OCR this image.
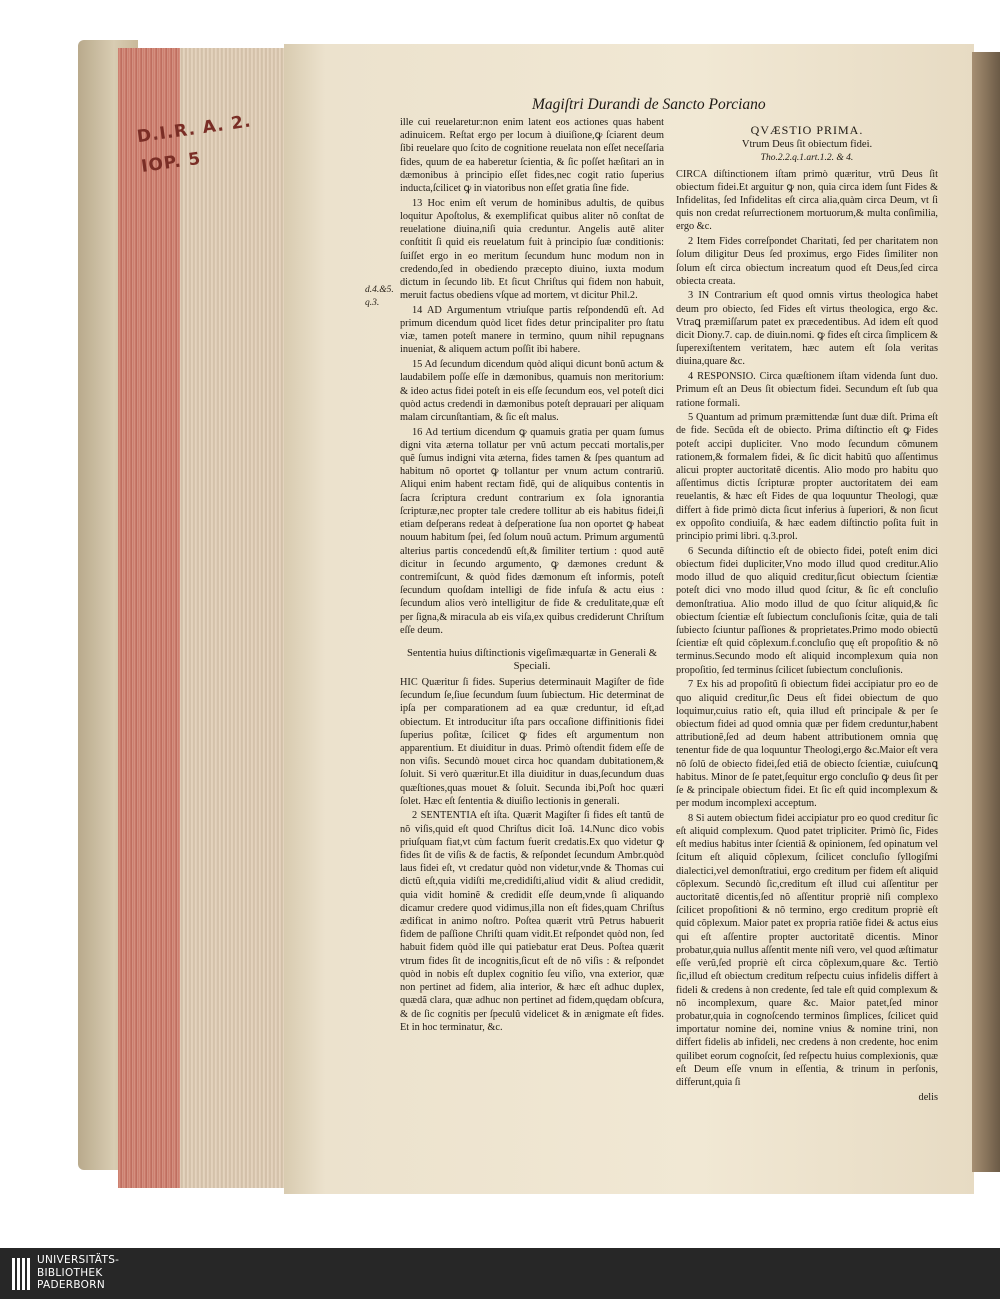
D.I.R. A. 2.
IOP. 5
Magiſtri Durandi de Sancto Porciano
d.4.&5. q.3.

ille cui reuelaretur:non enim latent eos actiones quas habent adinuicem. Reſtat ergo per locum à diuiſione,ꝙ ſciarent deum ſibi reuelare quo ſcito de cognitione reuelata non eſſet neceſſaria fides, quum de ea haberetur ſcientia, & ſic poſſet hæſitari an in dæmonibus à principio eſſet fides,nec cogit ratio ſuperius inducta,ſcilicet ꝙ in viatoribus non eſſet gratia ſine fide.

13 Hoc enim eſt verum de hominibus adultis, de quibus loquitur Apoſtolus, & exemplificat quibus aliter nõ conſtat de reuelatione diuina,niſi quia creduntur. Angelis autẽ aliter conſtitit ſi quid eis reuelatum fuit à principio ſuæ conditionis: ſuiſſet ergo in eo meritum ſecundum hunc modum non in credendo,ſed in obediendo præcepto diuino, iuxta modum dictum in ſecundo lib. Et ſicut Chriſtus qui fidem non habuit, meruit factus obediens vſque ad mortem, vt dicitur Phil.2.

14 AD Argumentum vtriuſque partis reſpondendũ eſt. Ad primum dicendum quòd licet fides detur principaliter pro ſtatu viæ, tamen poteſt manere in termino, quum nihil repugnans inueniat, & aliquem actum poſſit ibi habere.

15 Ad ſecundum dicendum quòd aliqui dicunt bonũ actum & laudabilem poſſe eſſe in dæmonibus, quamuis non meritorium: & ideo actus fidei poteſt in eis eſſe ſecundum eos, vel poteſt dici quòd actus credendi in dæmonibus poteſt deprauari per aliquam malam circunſtantiam, & ſic eſt malus.

16 Ad tertium dicendum ꝙ quamuis gratia per quam ſumus digni vita æterna tollatur per vnũ actum peccati mortalis,per quẽ ſumus indigni vita æterna, fides tamen & ſpes quantum ad habitum nõ oportet ꝙ tollantur per vnum actum contrariũ. Aliqui enim habent rectam fidẽ, qui de aliquibus contentis in ſacra ſcriptura credunt contrarium ex ſola ignorantia ſcripturæ,nec propter tale credere tollitur ab eis habitus fidei,ſi etiam deſperans redeat à deſperatione ſua non oportet ꝙ habeat nouum habitum ſpei, ſed ſolum nouũ actum. Primum argumentũ alterius partis concedendũ eſt,& ſimiliter tertium : quod autẽ dicitur in ſecundo argumento, ꝙ dæmones credunt & contremiſcunt, & quòd fides dæmonum eſt informis, poteſt ſecundum quoſdam intelligi de fide infuſa & actu eius : ſecundum alios verò intelligitur de fide & credulitate,quæ eſt per ſigna,& miracula ab eis viſa,ex quibus crediderunt Chriſtum eſſe deum.

Sententia huius diſtinctionis vigeſimæquartæ in Generali & Speciali.

HIC Quæritur ſi fides. Superius determinauit Magiſter de fide ſecundum ſe,ſiue ſecundum ſuum ſubiectum. Hic determinat de ipſa per comparationem ad ea quæ creduntur, id eſt,ad obiectum. Et introducitur iſta pars occaſione diffinitionis fidei ſuperius poſitæ, ſcilicet ꝙ fides eſt argumentum non apparentium. Et diuiditur in duas. Primò oſtendit fidem eſſe de non viſis. Secundò mouet circa hoc quandam dubitationem,& ſoluit. Si verò quæritur.Et illa diuiditur in duas,ſecundum duas quæſtiones,quas mouet & ſoluit. Secunda ibi,Poſt hoc quæri ſolet. Hæc eſt ſententia & diuiſio lectionis in generali.

2 SENTENTIA eſt iſta. Quærit Magiſter ſi fides eſt tantũ de nõ viſis,quid eſt quod Chriſtus dicit Ioã. 14.Nunc dico vobis priuſquam fiat,vt cùm factum fuerit credatis.Ex quo videtur ꝙ fides ſit de viſis & de factis, & reſpondet ſecundum Ambr.quòd laus fidei eſt, vt credatur quòd non videtur,vnde & Thomas cui dictũ eſt,quia vidiſti me,credidiſti,aliud vidit & aliud credidit, quia vidit hominẽ & credidit eſſe deum,vnde ſi aliquando dicamur credere quod vidimus,illa non eſt fides,quam Chriſtus ædificat in animo noſtro. Poſtea quærit vtrũ Petrus habuerit fidem de paſſione Chriſti quam vidit.Et reſpondet quòd non, ſed habuit fidem quòd ille qui patiebatur erat Deus. Poſtea quærit vtrum fides ſit de incognitis,ſicut eſt de nõ viſis : & reſpondet quòd in nobis eſt duplex cognitio ſeu viſio, vna exterior, quæ non pertinet ad fidem, alia interior, & hæc eſt adhuc duplex, quædã clara, quæ adhuc non pertinet ad fidem,quędam obſcura, & de ſic cognitis per ſpeculũ videlicet & in ænigmate eſt fides. Et in hoc terminatur, &c.

QVÆSTIO PRIMA.
Vtrum Deus ſit obiectum fidei.
Tho.2.2.q.1.art.1.2. & 4.

CIRCA diſtinctionem iſtam primò quæritur, vtrũ Deus ſit obiectum fidei.Et arguitur ꝙ non, quia circa idem ſunt Fides & Infidelitas, ſed Infidelitas eſt circa alia,quàm circa Deum, vt ſi quis non credat reſurrectionem mortuorum,& multa conſimilia, ergo &c.

2 Item Fides correſpondet Charitati, ſed per charitatem non ſolum diligitur Deus ſed proximus, ergo Fides ſimiliter non ſolum eſt circa obiectum increatum quod eſt Deus,ſed circa obiecta creata.

3 IN Contrarium eſt quod omnis virtus theologica habet deum pro obiecto, ſed Fides eſt virtus theologica, ergo &c. Vtraꝗ præmiſſarum patet ex præcedentibus. Ad idem eſt quod dicit Diony.7. cap. de diuin.nomi. ꝙ fides eſt circa ſimplicem & ſuperexiſtentem veritatem, hæc autem eſt ſola veritas diuina,quare &c.

4 RESPONSIO. Circa quæſtionem iſtam videnda ſunt duo. Primum eſt an Deus ſit obiectum fidei. Secundum eſt ſub qua ratione formali.

5 Quantum ad primum præmittendæ ſunt duæ diſt. Prima eſt de fide. Secũda eſt de obiecto. Prima diſtinctio eſt ꝙ Fides poteſt accipi dupliciter. Vno modo ſecundum cõmunem rationem,& formalem fidei, & ſic dicit habitũ quo aſſentimus alicui propter auctoritatẽ dicentis. Alio modo pro habitu quo aſſentimus dictis ſcripturæ propter auctoritatem dei eam reuelantis, & hæc eſt Fides de qua loquuntur Theologi, quæ differt à fide primò dicta ſicut inferius à ſuperiori, & non ſicut ex oppoſito condiuiſa, & hæc eadem diſtinctio poſita fuit in principio primi libri. q.3.prol.

6 Secunda diſtinctio eſt de obiecto fidei, poteſt enim dici obiectum fidei dupliciter,Vno modo illud quod creditur.Alio modo illud de quo aliquid creditur,ſicut obiectum ſcientiæ poteſt dici vno modo illud quod ſcitur, & ſic eſt concluſio demonſtratiua. Alio modo illud de quo ſcitur aliquid,& ſic obiectum ſcientiæ eſt ſubiectum concluſionis ſcitæ, quia de tali ſubiecto ſciuntur paſſiones & proprietates.Primo modo obiectũ ſcientiæ eſt quid cõplexum.f.concluſio quę eſt propoſitio & nõ terminus.Secundo modo eſt aliquid incomplexum quia non propoſitio, ſed terminus ſcilicet ſubiectum concluſionis.

7 Ex his ad propoſitũ ſi obiectum fidei accipiatur pro eo de quo aliquid creditur,ſic Deus eſt fidei obiectum de quo loquimur,cuius ratio eſt, quia illud eſt principale & per ſe obiectum fidei ad quod omnia quæ per fidem creduntur,habent attributionẽ,ſed ad deum habent attributionem omnia quę tenentur fide de qua loquuntur Theologi,ergo &c.Maior eſt vera nõ ſolũ de obiecto fidei,ſed etiã de obiecto ſcientiæ, cuiuſcunꝗ habitus. Minor de ſe patet,ſequitur ergo concluſio ꝙ deus ſit per ſe & principale obiectum fidei. Et ſic eſt quid incomplexum & per modum incomplexi acceptum.

8 Si autem obiectum fidei accipiatur pro eo quod creditur ſic eſt aliquid complexum. Quod patet tripliciter. Primò ſic, Fides eſt medius habitus inter ſcientiã & opinionem, ſed opinatum vel ſcitum eſt aliquid cõplexum, ſcilicet concluſio ſyllogiſmi dialectici,vel demonſtratiui, ergo creditum per fidem eſt aliquid cõplexum. Secundò ſic,creditum eſt illud cui aſſentitur per auctoritatẽ dicentis,ſed nõ aſſentitur propriè niſi complexo ſcilicet propoſitioni & nõ termino, ergo creditum propriè eſt quid cõplexum. Maior patet ex propria ratiõe fidei & actus eius qui eſt aſſentire propter auctoritatẽ dicentis. Minor probatur,quia nullus aſſentit mente niſi vero, vel quod æſtimatur eſſe verũ,ſed propriè eſt circa cõplexum,quare &c. Tertiò ſic,illud eſt obiectum creditum reſpectu cuius infidelis differt à fideli & credens à non credente, ſed tale eſt quid complexum & nõ incomplexum, quare &c. Maior patet,ſed minor probatur,quia in cognoſcendo terminos ſimplices, ſcilicet quid importatur nomine dei, nomine vnius & nomine trini, non differt fidelis ab infideli, nec credens à non credente, hoc enim quilibet eorum cognoſcit, ſed reſpectu huius complexionis, quæ eſt Deum eſſe vnum in eſſentia, & trinum in perſonis, differunt,quia ſi

delis

UNIVERSITÄTS-
BIBLIOTHEK
PADERBORN
